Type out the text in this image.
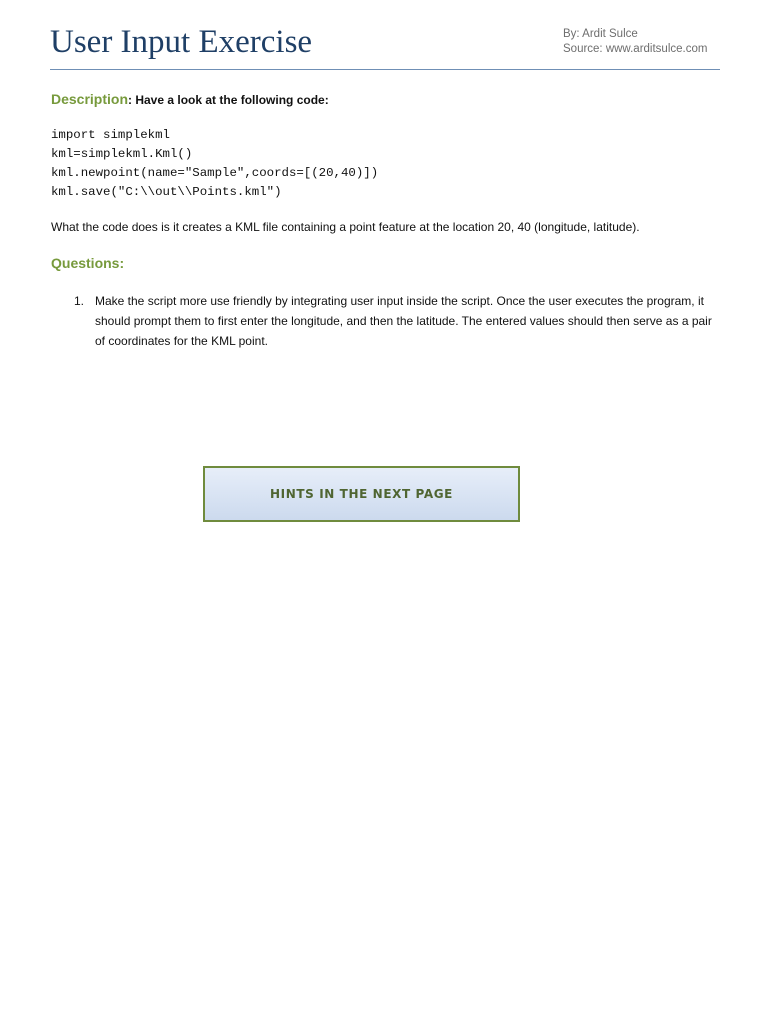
User Input Exercise	By: Ardit Sulce
Source: www.arditsulce.com
Description: Have a look at the following code:
import simplekml
kml=simplekml.Kml()
kml.newpoint(name="Sample",coords=[(20,40)])
kml.save("C:\\out\\Points.kml")
What the code does is it creates a KML file containing a point feature at the location 20, 40 (longitude, latitude).
Questions:
1. Make the script more use friendly by integrating user input inside the script. Once the user executes the program, it should prompt them to first enter the longitude, and then the latitude. The entered values should then serve as a pair of coordinates for the KML point.
HINTS IN THE NEXT PAGE
